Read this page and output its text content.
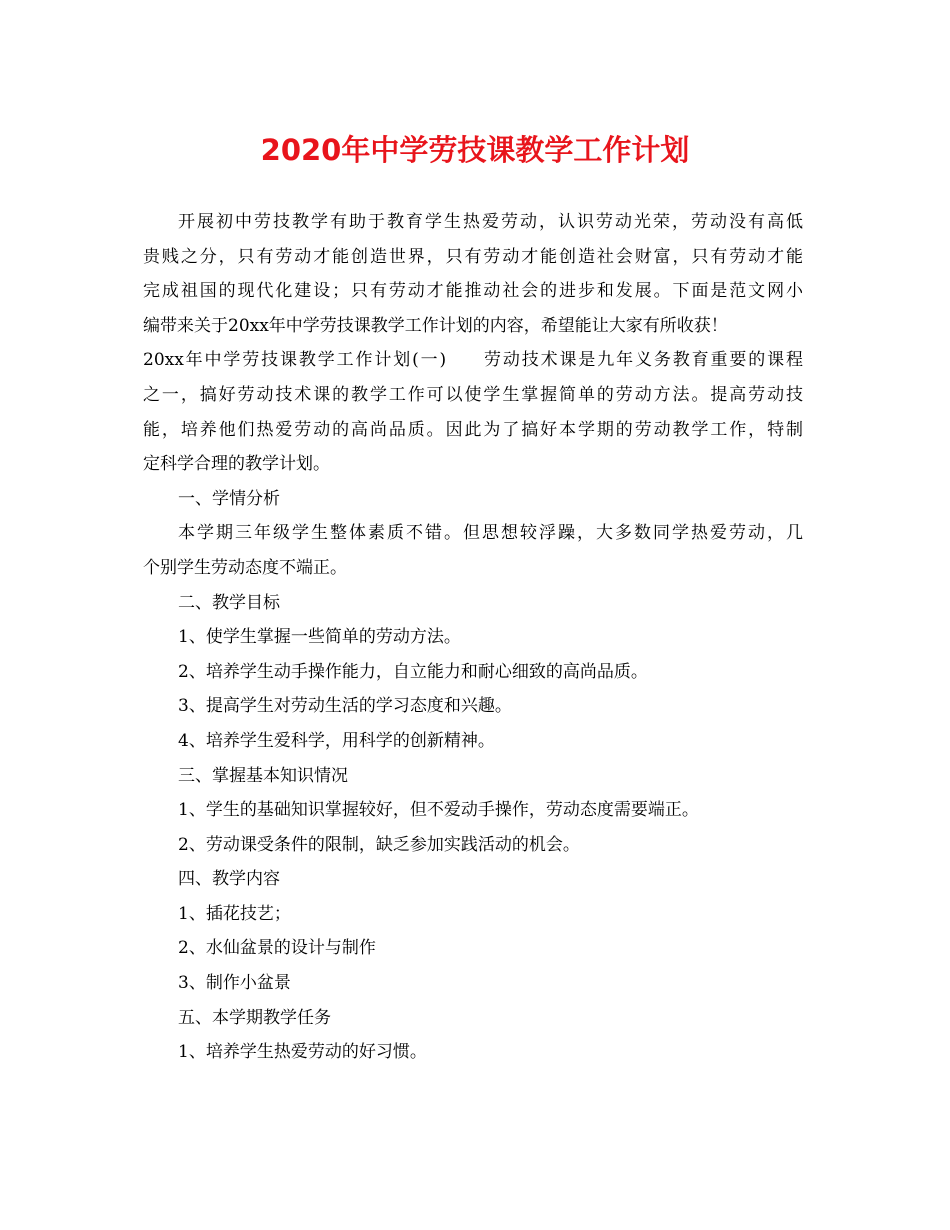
2020年中学劳技课教学工作计划
开展初中劳技教学有助于教育学生热爱劳动，认识劳动光荣，劳动没有高低
贵贱之分，只有劳动才能创造世界，只有劳动才能创造社会财富，只有劳动才能
完成祖国的现代化建设；只有劳动才能推动社会的进步和发展。下面是范文网小
编带来关于20xx年中学劳技课教学工作计划的内容，希望能让大家有所收获！
20xx年中学劳技课教学工作计划(一) 劳动技术课是九年义务教育重要的课程
之一，搞好劳动技术课的教学工作可以使学生掌握简单的劳动方法。提高劳动技
能，培养他们热爱劳动的高尚品质。因此为了搞好本学期的劳动教学工作，特制
定科学合理的教学计划。
一、学情分析
本学期三年级学生整体素质不错。但思想较浮躁，大多数同学热爱劳动，几
个别学生劳动态度不端正。
二、教学目标
1、使学生掌握一些简单的劳动方法。
2、培养学生动手操作能力，自立能力和耐心细致的高尚品质。
3、提高学生对劳动生活的学习态度和兴趣。
4、培养学生爱科学，用科学的创新精神。
三、掌握基本知识情况
1、学生的基础知识掌握较好，但不爱动手操作，劳动态度需要端正。
2、劳动课受条件的限制，缺乏参加实践活动的机会。
四、教学内容
1、插花技艺；
2、水仙盆景的设计与制作
3、制作小盆景
五、本学期教学任务
1、培养学生热爱劳动的好习惯。
